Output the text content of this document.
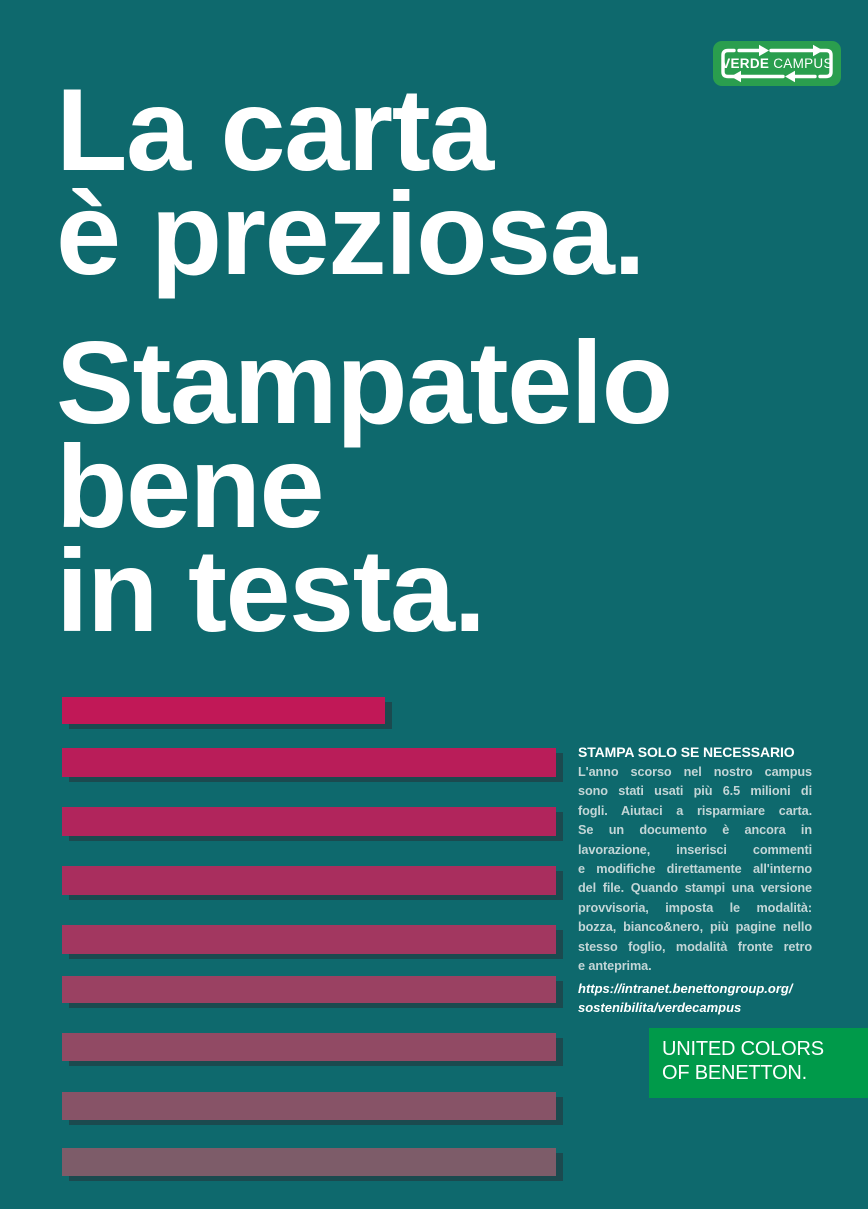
VERDE CAMPUS
La carta
è preziosa.
Stampatelo
bene
in testa.
STAMPA SOLO SE NECESSARIO
L'anno scorso nel nostro campus
sono stati usati più 6.5 milioni di
fogli. Aiutaci a risparmiare carta.
Se un documento è ancora in
lavorazione, inserisci commenti
e modifiche direttamente all'interno
del file. Quando stampi una versione
provvisoria, imposta le modalità:
bozza, bianco&nero, più pagine nello
stesso foglio, modalità fronte retro
e anteprima.
https://intranet.benettongroup.org/
sostenibilita/verdecampus
UNITED COLORS
OF BENETTON.
